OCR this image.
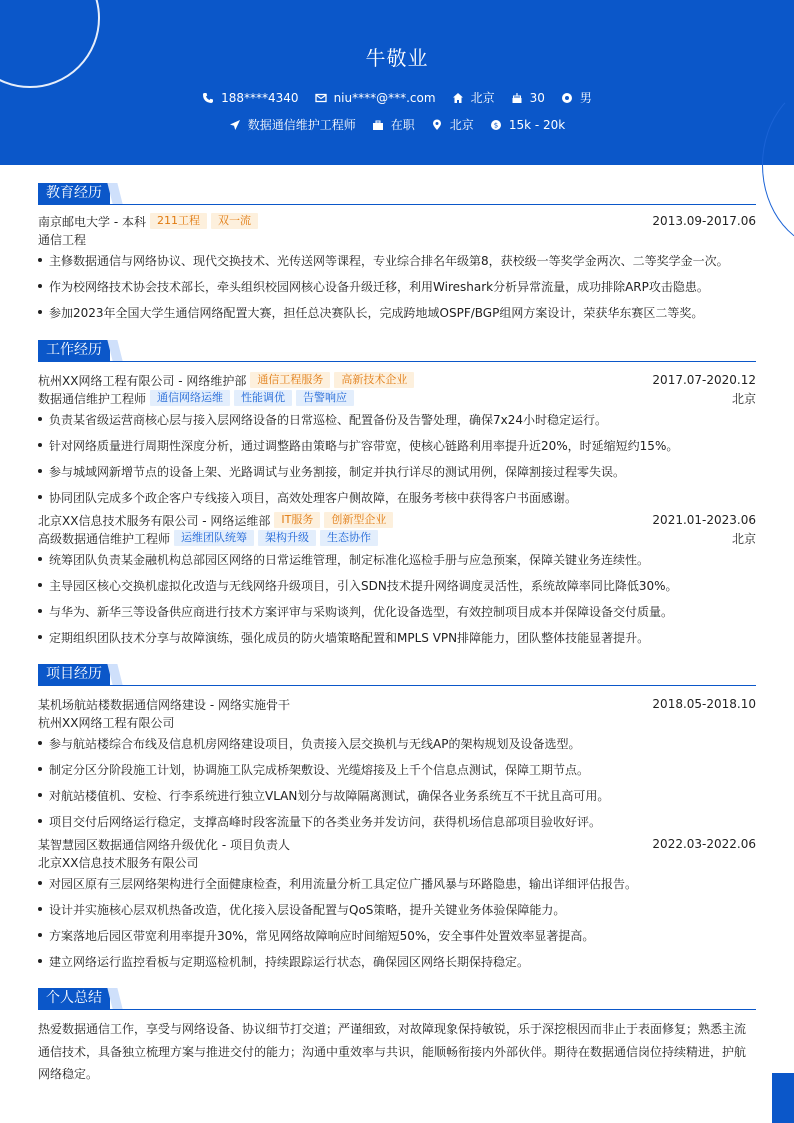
牛敬业
188****4340	niu****@***.com	北京	30	男
数据通信维护工程师	在职	北京	$ 15k - 20k
教育经历
南京邮电大学 - 本科	211工程	双一流	2013.09-2017.06
通信工程
主修数据通信与网络协议、现代交换技术、光传送网等课程，专业综合排名年级第8，获校级一等奖学金两次、二等奖学金一次。
作为校网络技术协会技术部长，牵头组织校园网核心设备升级迁移，利用Wireshark分析异常流量，成功排除ARP攻击隐患。
参加2023年全国大学生通信网络配置大赛，担任总决赛队长，完成跨地域OSPF/BGP组网方案设计，荣获华东赛区二等奖。
工作经历
杭州XX网络工程有限公司 - 网络维护部	通信工程服务	高新技术企业	2017.07-2020.12
数据通信维护工程师	通信网络运维	性能调优	告警响应	北京
负责某省级运营商核心层与接入层网络设备的日常巡检、配置备份及告警处理，确保7x24小时稳定运行。
针对网络质量进行周期性深度分析，通过调整路由策略与扩容带宽，使核心链路利用率提升近20%，时延缩短约15%。
参与城域网新增节点的设备上架、光路调试与业务割接，制定并执行详尽的测试用例，保障割接过程零失误。
协同团队完成多个政企客户专线接入项目，高效处理客户侧故障，在服务考核中获得客户书面感谢。
北京XX信息技术服务有限公司 - 网络运维部	IT服务	创新型企业	2021.01-2023.06
高级数据通信维护工程师	运维团队统筹	架构升级	生态协作	北京
统筹团队负责某金融机构总部园区网络的日常运维管理，制定标准化巡检手册与应急预案，保障关键业务连续性。
主导园区核心交换机虚拟化改造与无线网络升级项目，引入SDN技术提升网络调度灵活性，系统故障率同比降低30%。
与华为、新华三等设备供应商进行技术方案评审与采购谈判，优化设备选型，有效控制项目成本并保障设备交付质量。
定期组织团队技术分享与故障演练，强化成员的防火墙策略配置和MPLS VPN排障能力，团队整体技能显著提升。
项目经历
某机场航站楼数据通信网络建设 - 网络实施骨干	2018.05-2018.10
杭州XX网络工程有限公司
参与航站楼综合布线及信息机房网络建设项目，负责接入层交换机与无线AP的架构规划及设备选型。
制定分区分阶段施工计划，协调施工队完成桥架敷设、光缆熔接及上千个信息点测试，保障工期节点。
对航站楼值机、安检、行李系统进行独立VLAN划分与故障隔离测试，确保各业务系统互不干扰且高可用。
项目交付后网络运行稳定，支撑高峰时段客流量下的各类业务并发访问，获得机场信息部项目验收好评。
某智慧园区数据通信网络升级优化 - 项目负责人	2022.03-2022.06
北京XX信息技术服务有限公司
对园区原有三层网络架构进行全面健康检查，利用流量分析工具定位广播风暴与环路隐患，输出详细评估报告。
设计并实施核心层双机热备改造，优化接入层设备配置与QoS策略，提升关键业务体验保障能力。
方案落地后园区带宽利用率提升30%，常见网络故障响应时间缩短50%，安全事件处置效率显著提高。
建立网络运行监控看板与定期巡检机制，持续跟踪运行状态，确保园区网络长期保持稳定。
个人总结

热爱数据通信工作，享受与网络设备、协议细节打交道；严谨细致，对故障现象保持敏锐，乐于深挖根因而非止于表面修复；熟悉主流通信技术，具备独立梳理方案与推进交付的能力；沟通中重效率与共识，能顺畅衔接内外部伙伴。期待在数据通信岗位持续精进，护航网络稳定。
